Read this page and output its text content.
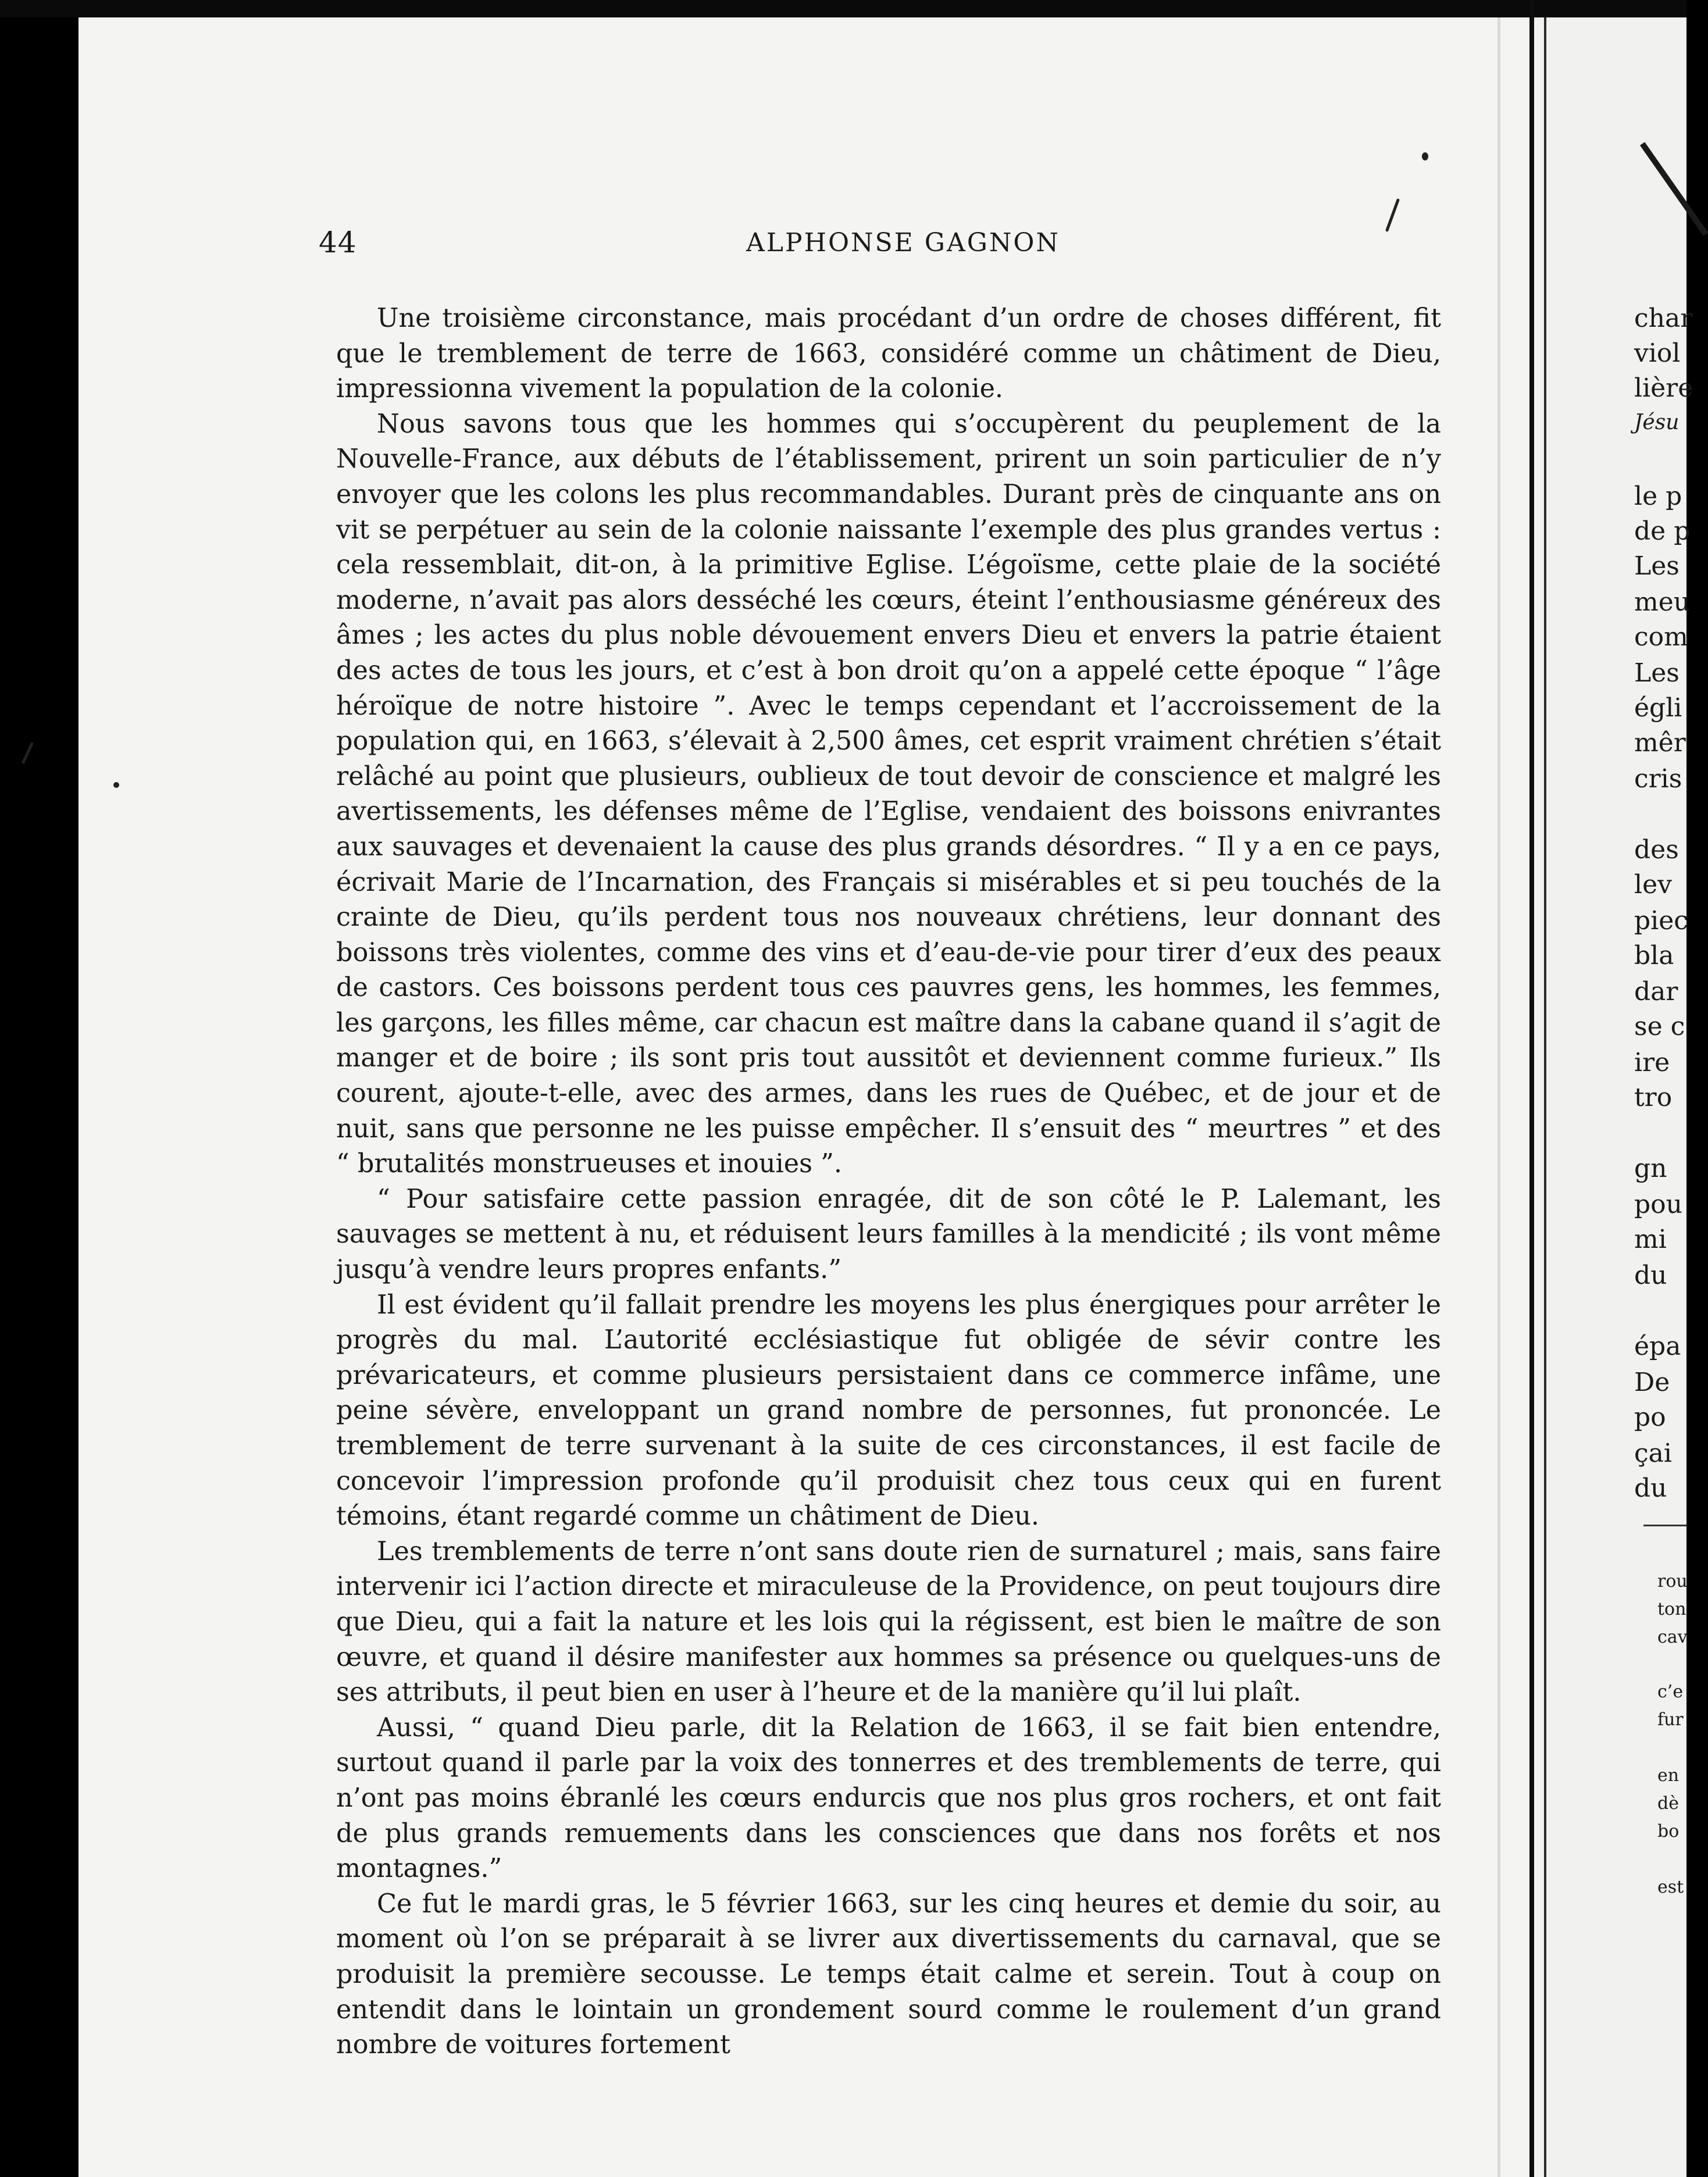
44	ALPHONSE GAGNON

Une troisième circonstance, mais procédant d’un ordre de choses différent, fit que le tremblement de terre de 1663, considéré comme un châtiment de Dieu, impressionna vivement la population de la colonie.

Nous savons tous que les hommes qui s’occupèrent du peuplement de la Nouvelle-France, aux débuts de l’établissement, prirent un soin particulier de n’y envoyer que les colons les plus recommandables. Durant près de cinquante ans on vit se perpétuer au sein de la colonie naissante l’exemple des plus grandes vertus : cela ressemblait, dit-on, à la primitive Eglise. L’égoïsme, cette plaie de la société moderne, n’avait pas alors desséché les cœurs, éteint l’enthousiasme généreux des âmes ; les actes du plus noble dévouement envers Dieu et envers la patrie étaient des actes de tous les jours, et c’est à bon droit qu’on a appelé cette époque “ l’âge héroïque de notre histoire ”. Avec le temps cependant et l’accroissement de la population qui, en 1663, s’élevait à 2,500 âmes, cet esprit vraiment chrétien s’était relâché au point que plusieurs, oublieux de tout devoir de conscience et malgré les avertissements, les défenses même de l’Eglise, vendaient des boissons enivrantes aux sauvages et devenaient la cause des plus grands désordres. “ Il y a en ce pays, écrivait Marie de l’Incarnation, des Français si misérables et si peu touchés de la crainte de Dieu, qu’ils perdent tous nos nouveaux chrétiens, leur donnant des boissons très violentes, comme des vins et d’eau-de-vie pour tirer d’eux des peaux de castors. Ces boissons perdent tous ces pauvres gens, les hommes, les femmes, les garçons, les filles même, car chacun est maître dans la cabane quand il s’agit de manger et de boire ; ils sont pris tout aussitôt et deviennent comme furieux.” Ils courent, ajoute-t-elle, avec des armes, dans les rues de Québec, et de jour et de nuit, sans que personne ne les puisse empêcher. Il s’ensuit des “ meurtres ” et des “ brutalités monstrueuses et inouies ”.

“ Pour satisfaire cette passion enragée, dit de son côté le P. Lalemant, les sauvages se mettent à nu, et réduisent leurs familles à la mendicité ; ils vont même jusqu’à vendre leurs propres enfants.”

Il est évident qu’il fallait prendre les moyens les plus énergiques pour arrêter le progrès du mal. L’autorité ecclésiastique fut obligée de sévir contre les prévaricateurs, et comme plusieurs persistaient dans ce commerce infâme, une peine sévère, enveloppant un grand nombre de personnes, fut prononcée. Le tremblement de terre survenant à la suite de ces circonstances, il est facile de concevoir l’impression profonde qu’il produisit chez tous ceux qui en furent témoins, étant regardé comme un châtiment de Dieu.

Les tremblements de terre n’ont sans doute rien de surnaturel ; mais, sans faire intervenir ici l’action directe et miraculeuse de la Providence, on peut toujours dire que Dieu, qui a fait la nature et les lois qui la régissent, est bien le maître de son œuvre, et quand il désire manifester aux hommes sa présence ou quelques-uns de ses attributs, il peut bien en user à l’heure et de la manière qu’il lui plaît.

Aussi, “ quand Dieu parle, dit la Relation de 1663, il se fait bien entendre, surtout quand il parle par la voix des tonnerres et des tremblements de terre, qui n’ont pas moins ébranlé les cœurs endurcis que nos plus gros rochers, et ont fait de plus grands remuements dans les consciences que dans nos forêts et nos montagnes.”

Ce fut le mardi gras, le 5 février 1663, sur les cinq heures et demie du soir, au moment où l’on se préparait à se livrer aux divertissements du carnaval, que se produisit la première secousse. Le temps était calme et serein. Tout à coup on entendit dans le lointain un grondement sourd comme le roulement d’un grand nombre de voitures fortement

char
viol
lière
Jésu
le p
de p
Les
meu
com
Les
égli
mêr
cris
des
lev
piec
bla
dar
se c
ire
tro
gn
pou
mi
du
épa
De
po
çai
du
rou
ton
cav
c’e
fur
en
dè
bo
est
